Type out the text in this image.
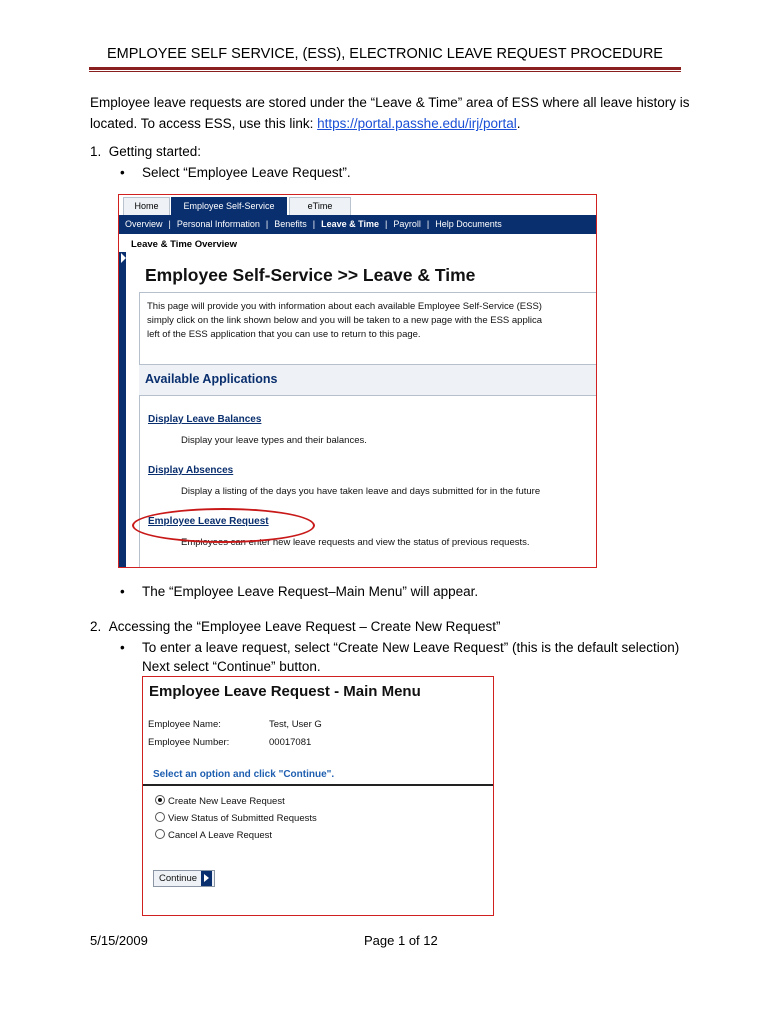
EMPLOYEE SELF SERVICE, (ESS), ELECTRONIC LEAVE REQUEST PROCEDURE
Employee leave requests are stored under the “Leave & Time” area of ESS where all leave history is
located. To access ESS, use this link: https://portal.passhe.edu/irj/portal.
1.  Getting started:
• Select “Employee Leave Request”.
Home	Employee Self-Service	eTime
Overview | Personal Information | Benefits | Leave & Time | Payroll | Help Documents
Leave & Time Overview
Employee Self-Service >> Leave & Time
This page will provide you with information about each available Employee Self-Service (ESS)
simply click on the link shown below and you will be taken to a new page with the ESS applica
left of the ESS application that you can use to return to this page.
Available Applications
Display Leave Balances
Display your leave types and their balances.
Display Absences
Display a listing of the days you have taken leave and days submitted for in the future
Employee Leave Request
Employees can enter new leave requests and view the status of previous requests.
• The “Employee Leave Request–Main Menu” will appear.
2.  Accessing the “Employee Leave Request – Create New Request”
• To enter a leave request, select “Create New Leave Request” (this is the default selection)
Next select “Continue” button.
Employee Leave Request - Main Menu
Employee Name:	Test, User G
Employee Number:	00017081
Select an option and click "Continue".
Create New Leave Request
View Status of Submitted Requests
Cancel A Leave Request
Continue
5/15/2009	Page 1 of 12
